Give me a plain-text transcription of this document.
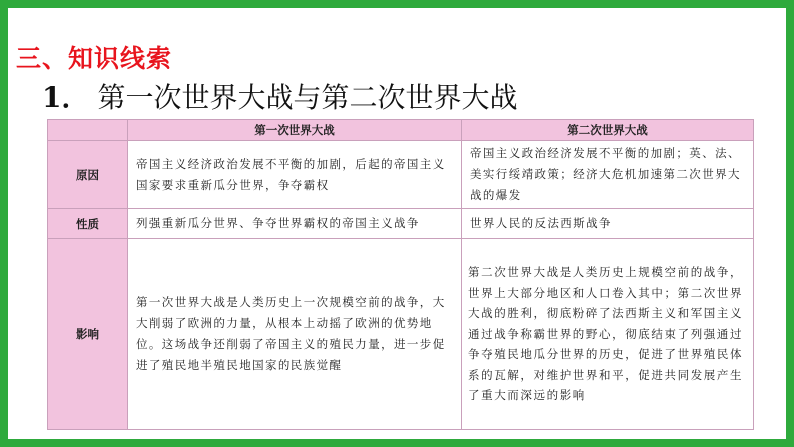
三、知识线索
1． 第一次世界大战与第二次世界大战
	第一次世界大战	第二次世界大战
原因	帝国主义经济政治发展不平衡的加剧，后起的帝国主义国家要求重新瓜分世界，争夺霸权	帝国主义政治经济发展不平衡的加剧；英、法、美实行绥靖政策；经济大危机加速第二次世界大战的爆发
性质	列强重新瓜分世界、争夺世界霸权的帝国主义战争	世界人民的反法西斯战争
影响	第一次世界大战是人类历史上一次规模空前的战争，大大削弱了欧洲的力量，从根本上动摇了欧洲的优势地位。这场战争还削弱了帝国主义的殖民力量，进一步促进了殖民地半殖民地国家的民族觉醒	第二次世界大战是人类历史上规模空前的战争，世界上大部分地区和人口卷入其中；第二次世界大战的胜利，彻底粉碎了法西斯主义和军国主义通过战争称霸世界的野心，彻底结束了列强通过争夺殖民地瓜分世界的历史，促进了世界殖民体系的瓦解，对维护世界和平，促进共同发展产生了重大而深远的影响
